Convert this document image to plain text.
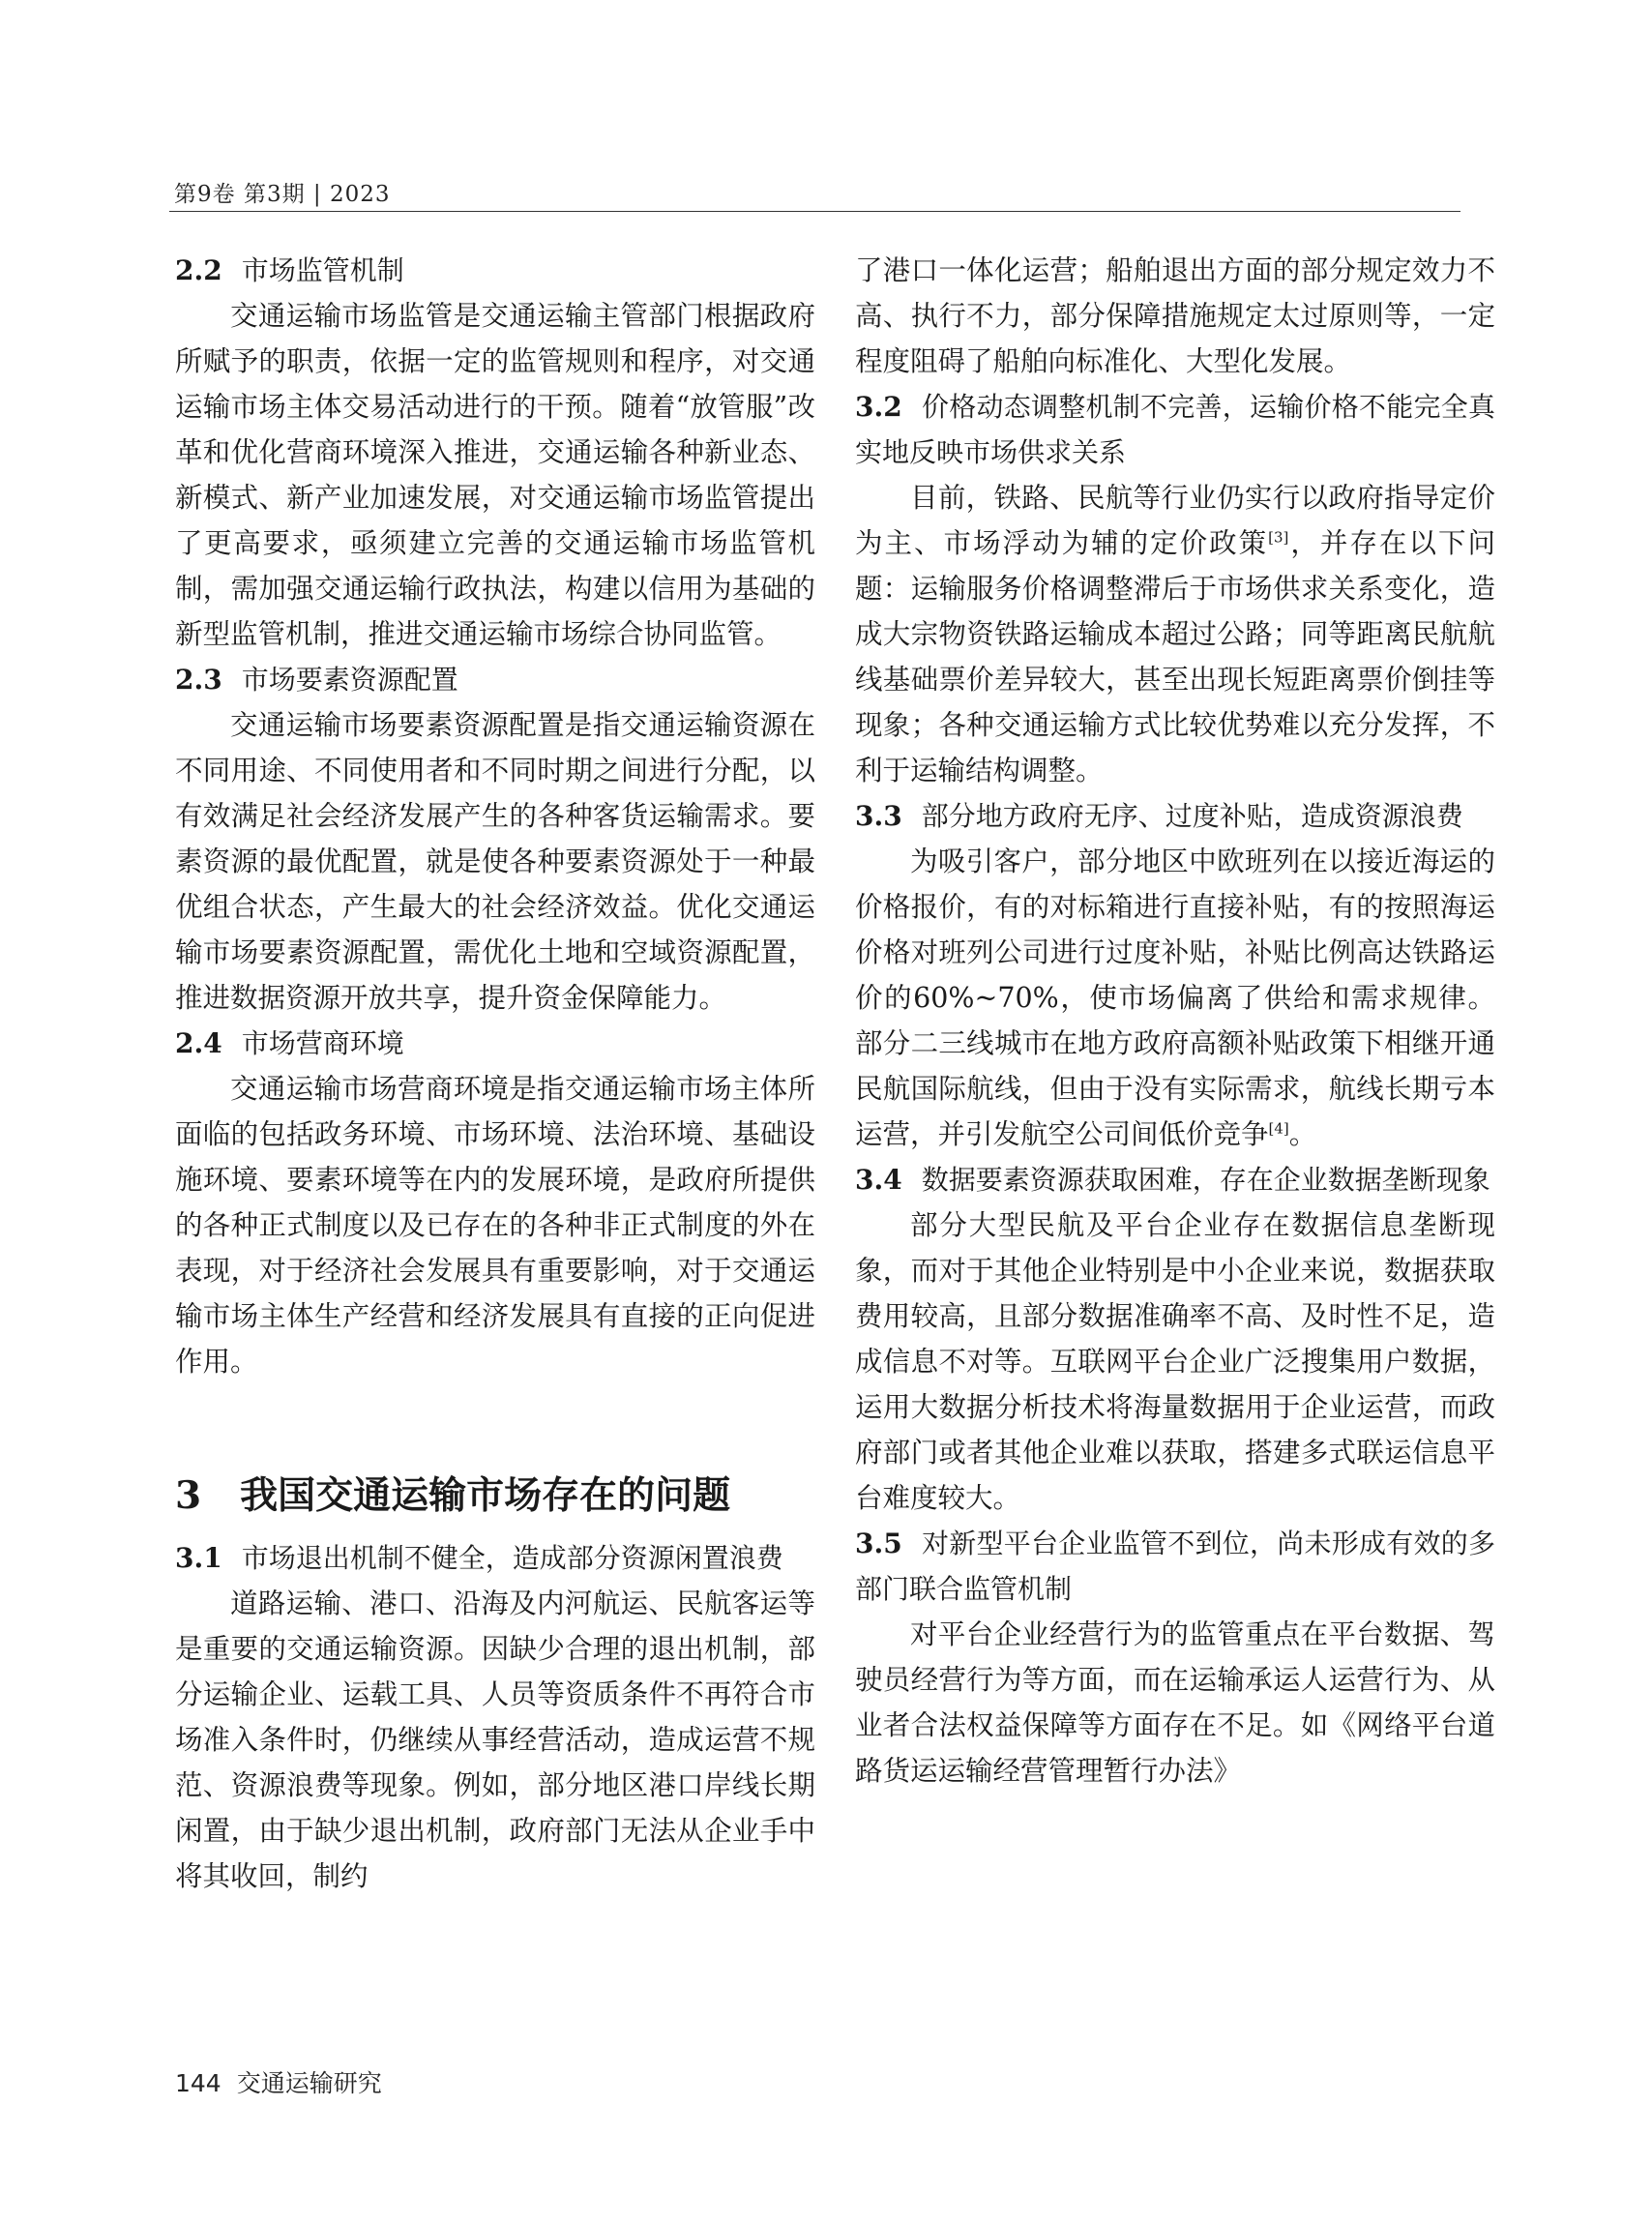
第9卷 第3期 | 2023
2.2 市场监管机制

交通运输市场监管是交通运输主管部门根据政府所赋予的职责，依据一定的监管规则和程序，对交通运输市场主体交易活动进行的干预。随着“放管服”改革和优化营商环境深入推进，交通运输各种新业态、新模式、新产业加速发展，对交通运输市场监管提出了更高要求，亟须建立完善的交通运输市场监管机制，需加强交通运输行政执法，构建以信用为基础的新型监管机制，推进交通运输市场综合协同监管。

2.3 市场要素资源配置

交通运输市场要素资源配置是指交通运输资源在不同用途、不同使用者和不同时期之间进行分配，以有效满足社会经济发展产生的各种客货运输需求。要素资源的最优配置，就是使各种要素资源处于一种最优组合状态，产生最大的社会经济效益。优化交通运输市场要素资源配置，需优化土地和空域资源配置，推进数据资源开放共享，提升资金保障能力。

2.4 市场营商环境

交通运输市场营商环境是指交通运输市场主体所面临的包括政务环境、市场环境、法治环境、基础设施环境、要素环境等在内的发展环境，是政府所提供的各种正式制度以及已存在的各种非正式制度的外在表现，对于经济社会发展具有重要影响，对于交通运输市场主体生产经营和经济发展具有直接的正向促进作用。

3 我国交通运输市场存在的问题
3.1 市场退出机制不健全，造成部分资源闲置浪费

道路运输、港口、沿海及内河航运、民航客运等是重要的交通运输资源。因缺少合理的退出机制，部分运输企业、运载工具、人员等资质条件不再符合市场准入条件时，仍继续从事经营活动，造成运营不规范、资源浪费等现象。例如，部分地区港口岸线长期闲置，由于缺少退出机制，政府部门无法从企业手中将其收回，制约

了港口一体化运营；船舶退出方面的部分规定效力不高、执行不力，部分保障措施规定太过原则等，一定程度阻碍了船舶向标准化、大型化发展。

3.2 价格动态调整机制不完善，运输价格不能完全真实地反映市场供求关系

目前，铁路、民航等行业仍实行以政府指导定价为主、市场浮动为辅的定价政策[3]，并存在以下问题：运输服务价格调整滞后于市场供求关系变化，造成大宗物资铁路运输成本超过公路；同等距离民航航线基础票价差异较大，甚至出现长短距离票价倒挂等现象；各种交通运输方式比较优势难以充分发挥，不利于运输结构调整。

3.3 部分地方政府无序、过度补贴，造成资源浪费

为吸引客户，部分地区中欧班列在以接近海运的价格报价，有的对标箱进行直接补贴，有的按照海运价格对班列公司进行过度补贴，补贴比例高达铁路运价的60%~70%，使市场偏离了供给和需求规律。部分二三线城市在地方政府高额补贴政策下相继开通民航国际航线，但由于没有实际需求，航线长期亏本运营，并引发航空公司间低价竞争[4]。

3.4 数据要素资源获取困难，存在企业数据垄断现象

部分大型民航及平台企业存在数据信息垄断现象，而对于其他企业特别是中小企业来说，数据获取费用较高，且部分数据准确率不高、及时性不足，造成信息不对等。互联网平台企业广泛搜集用户数据，运用大数据分析技术将海量数据用于企业运营，而政府部门或者其他企业难以获取，搭建多式联运信息平台难度较大。

3.5 对新型平台企业监管不到位，尚未形成有效的多部门联合监管机制

对平台企业经营行为的监管重点在平台数据、驾驶员经营行为等方面，而在运输承运人运营行为、从业者合法权益保障等方面存在不足。如《网络平台道路货运运输经营管理暂行办法》

144 交通运输研究
